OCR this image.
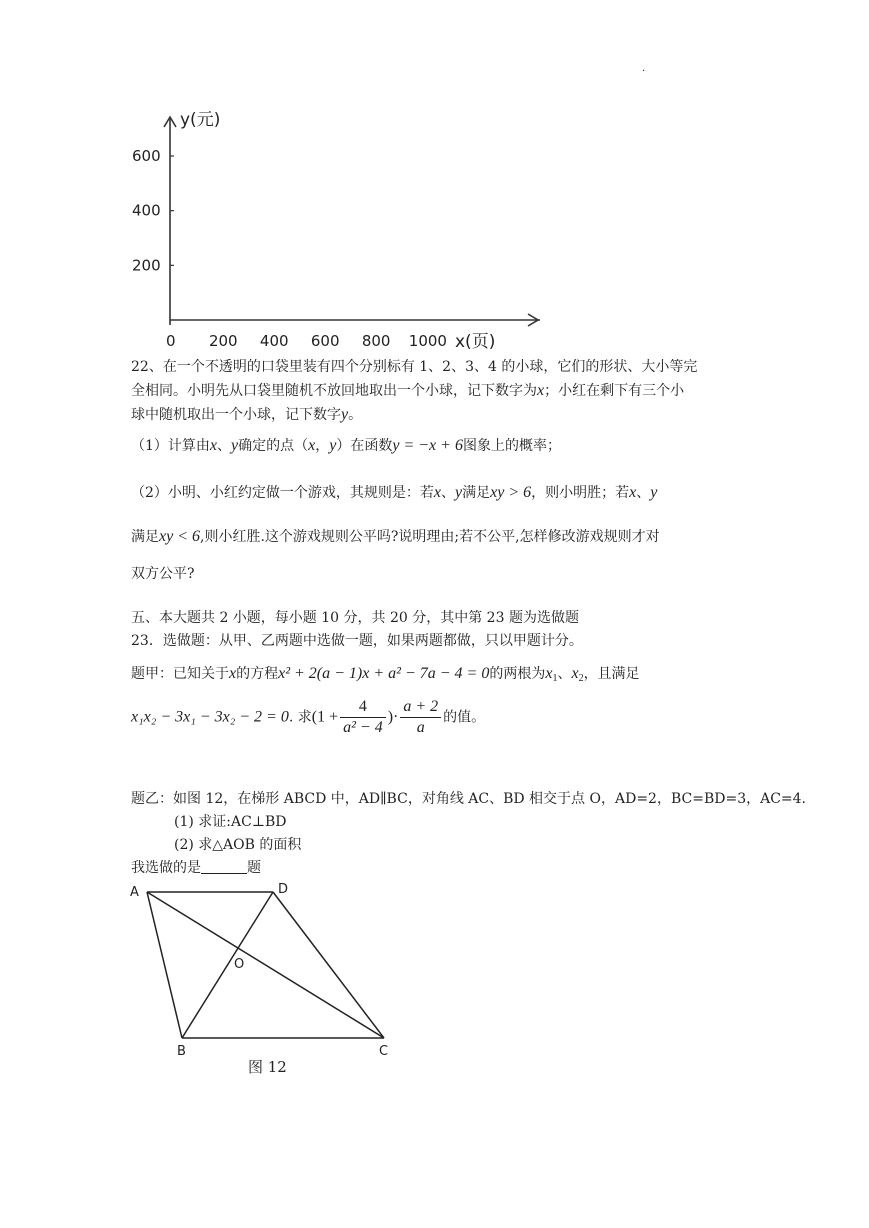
·
0 200 400 600 800 1000
200
400
600
y(元)
x(页)
22、在一个不透明的口袋里装有四个分别标有 1、2、3、4 的小球，它们的形状、大小等完
全相同。小明先从口袋里随机不放回地取出一个小球，记下数字为x；小红在剩下有三个小
球中随机取出一个小球，记下数字y。
（1）计算由x、y确定的点（x，y）在函数y = −x + 6图象上的概率；
（2）小明、小红约定做一个游戏，其规则是：若x、y满足xy > 6，则小明胜；若x、y
满足xy < 6,则小红胜.这个游戏规则公平吗?说明理由;若不公平,怎样修改游戏规则才对
双方公平?
五、本大题共 2 小题，每小题 10 分，共 20 分，其中第 23 题为选做题
23．选做题：从甲、乙两题中选做一题，如果两题都做，只以甲题计分。
题甲：已知关于x的方程x² + 2(a − 1)x + a² − 7a − 4 = 0的两根为$x_1$、$x_2$，且满足
x₁x₂ − 3x₁ − 3x₂ − 2 = 0. 求($1 + \frac{4}{\text{a² − 4}}$ )· $\frac{a + 2}{a}$ 的值。
题乙：如图 12，在梯形 ABCD 中，AD∥BC，对角线 AC、BD 相交于点 O，AD=2，BC=BD=3，AC=4.
(1) 求证:AC⊥BD
(2) 求△AOB 的面积
我选做的是	题
A	D
B	C
O
图 12
